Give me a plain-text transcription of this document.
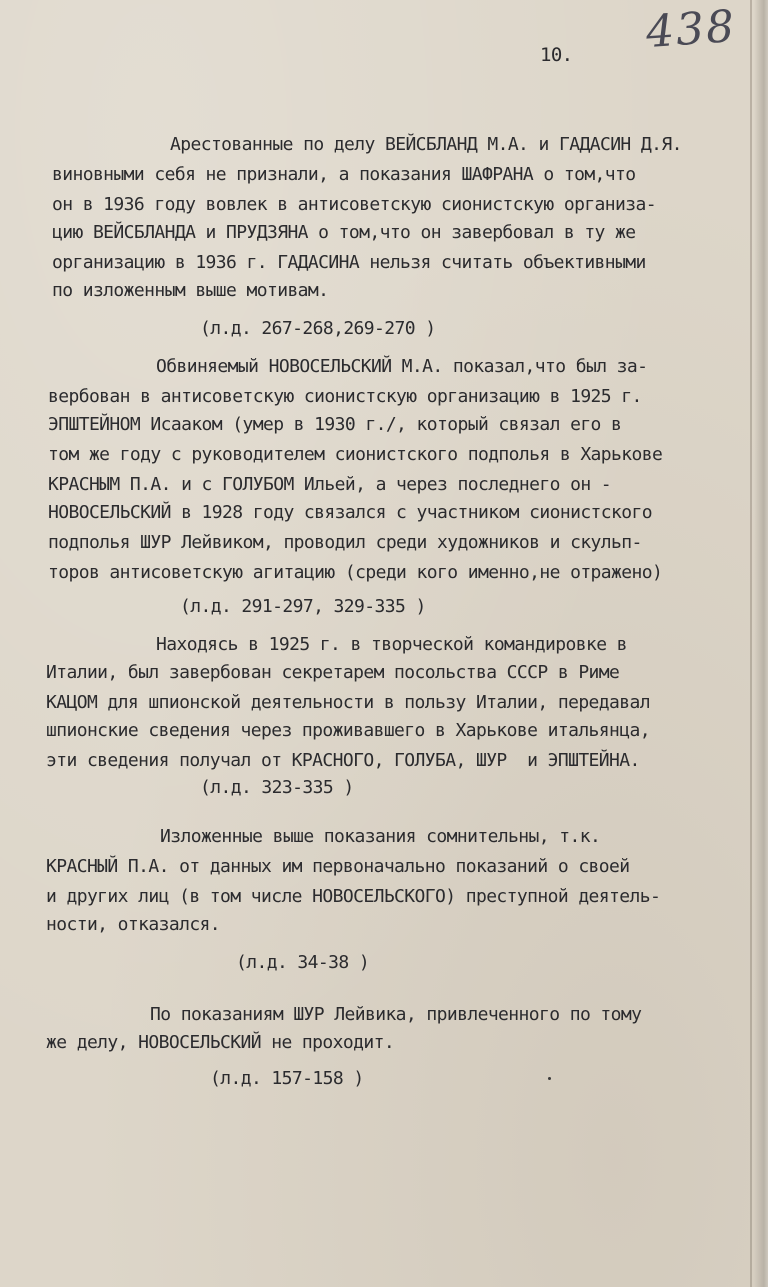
438
10.
Арестованные по делу ВЕЙСБЛАНД М.А. и ГАДАСИН Д.Я.
виновными себя не признали, а показания ШАФРАНА о том,что
он в 1936 году вовлек в антисоветскую сионистскую организа-
цию ВЕЙСБЛАНДА и ПРУДЗЯНА о том,что он завербовал в ту же
организацию в 1936 г. ГАДАСИНА нельзя считать объективными
по изложенным выше мотивам.
(л.д. 267-268,269-270 )
Обвиняемый НОВОСЕЛЬСКИЙ М.А. показал,что был за-
вербован в антисоветскую сионистскую организацию в 1925 г.
ЭПШТЕЙНОМ Исааком (умер в 1930 г./, который связал его в
том же году с руководителем сионистского подполья в Харькове
КРАСНЫМ П.А. и с ГОЛУБОМ Ильей, а через последнего он -
НОВОСЕЛЬСКИЙ в 1928 году связался с участником сионистского
подполья ШУР Лейвиком, проводил среди художников и скульп-
торов антисоветскую агитацию (среди кого именно,не отражено)
(л.д. 291-297, 329-335 )
Находясь в 1925 г. в творческой командировке в
Италии, был завербован секретарем посольства СССР в Риме
КАЦОМ для шпионской деятельности в пользу Италии, передавал
шпионские сведения через проживавшего в Харькове итальянца,
эти сведения получал от КРАСНОГО, ГОЛУБА, ШУР  и ЭПШТЕЙНА.
(л.д. 323-335 )
Изложенные выше показания сомнительны, т.к.
КРАСНЫЙ П.А. от данных им первоначально показаний о своей
и других лиц (в том числе НОВОСЕЛЬСКОГО) преступной деятель-
ности, отказался.
(л.д. 34-38 )
По показаниям ШУР Лейвика, привлеченного по тому
же делу, НОВОСЕЛЬСКИЙ не проходит.
(л.д. 157-158 )
